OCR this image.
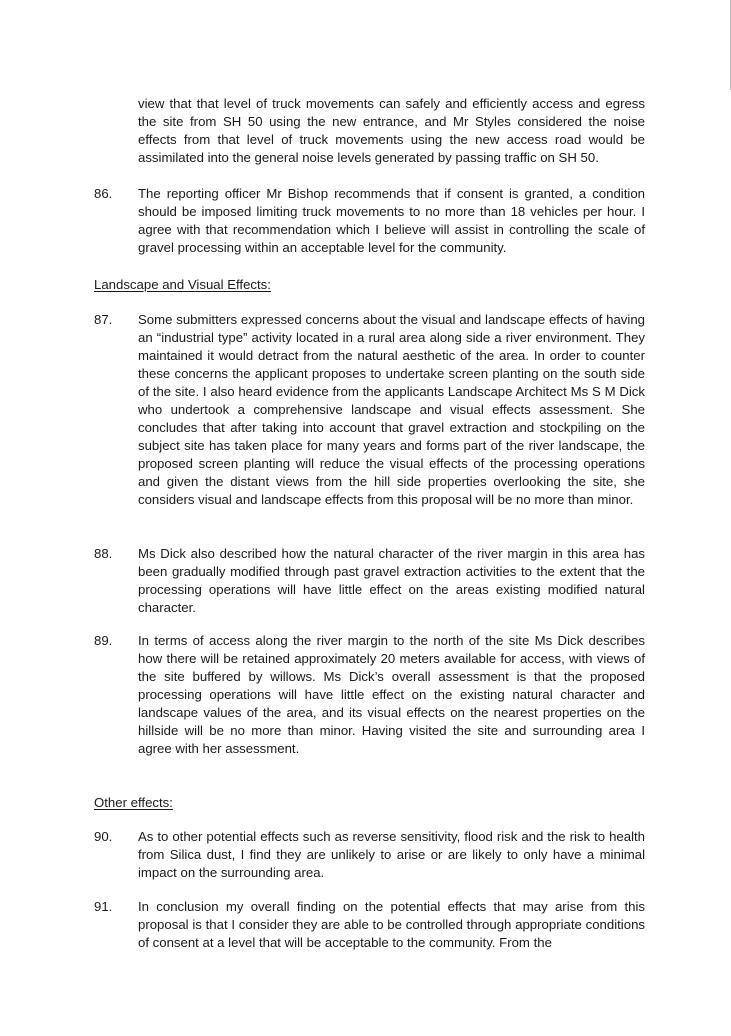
view that that level of truck movements can safely and efficiently access and egress the site from SH 50 using the new entrance, and Mr Styles considered the noise effects from that level of truck movements using the new access road would be assimilated into the general noise levels generated by passing traffic on SH 50.
86. The reporting officer Mr Bishop recommends that if consent is granted, a condition should be imposed limiting truck movements to no more than 18 vehicles per hour. I agree with that recommendation which I believe will assist in controlling the scale of gravel processing within an acceptable level for the community.
Landscape and Visual Effects:
87. Some submitters expressed concerns about the visual and landscape effects of having an “industrial type” activity located in a rural area along side a river environment. They maintained it would detract from the natural aesthetic of the area. In order to counter these concerns the applicant proposes to undertake screen planting on the south side of the site. I also heard evidence from the applicants Landscape Architect Ms S M Dick who undertook a comprehensive landscape and visual effects assessment. She concludes that after taking into account that gravel extraction and stockpiling on the subject site has taken place for many years and forms part of the river landscape, the proposed screen planting will reduce the visual effects of the processing operations and given the distant views from the hill side properties overlooking the site, she considers visual and landscape effects from this proposal will be no more than minor.
88. Ms Dick also described how the natural character of the river margin in this area has been gradually modified through past gravel extraction activities to the extent that the processing operations will have little effect on the areas existing modified natural character.
89. In terms of access along the river margin to the north of the site Ms Dick describes how there will be retained approximately 20 meters available for access, with views of the site buffered by willows. Ms Dick’s overall assessment is that the proposed processing operations will have little effect on the existing natural character and landscape values of the area, and its visual effects on the nearest properties on the hillside will be no more than minor. Having visited the site and surrounding area I agree with her assessment.
Other effects:
90. As to other potential effects such as reverse sensitivity, flood risk and the risk to health from Silica dust, I find they are unlikely to arise or are likely to only have a minimal impact on the surrounding area.
91. In conclusion my overall finding on the potential effects that may arise from this proposal is that I consider they are able to be controlled through appropriate conditions of consent at a level that will be acceptable to the community. From the
